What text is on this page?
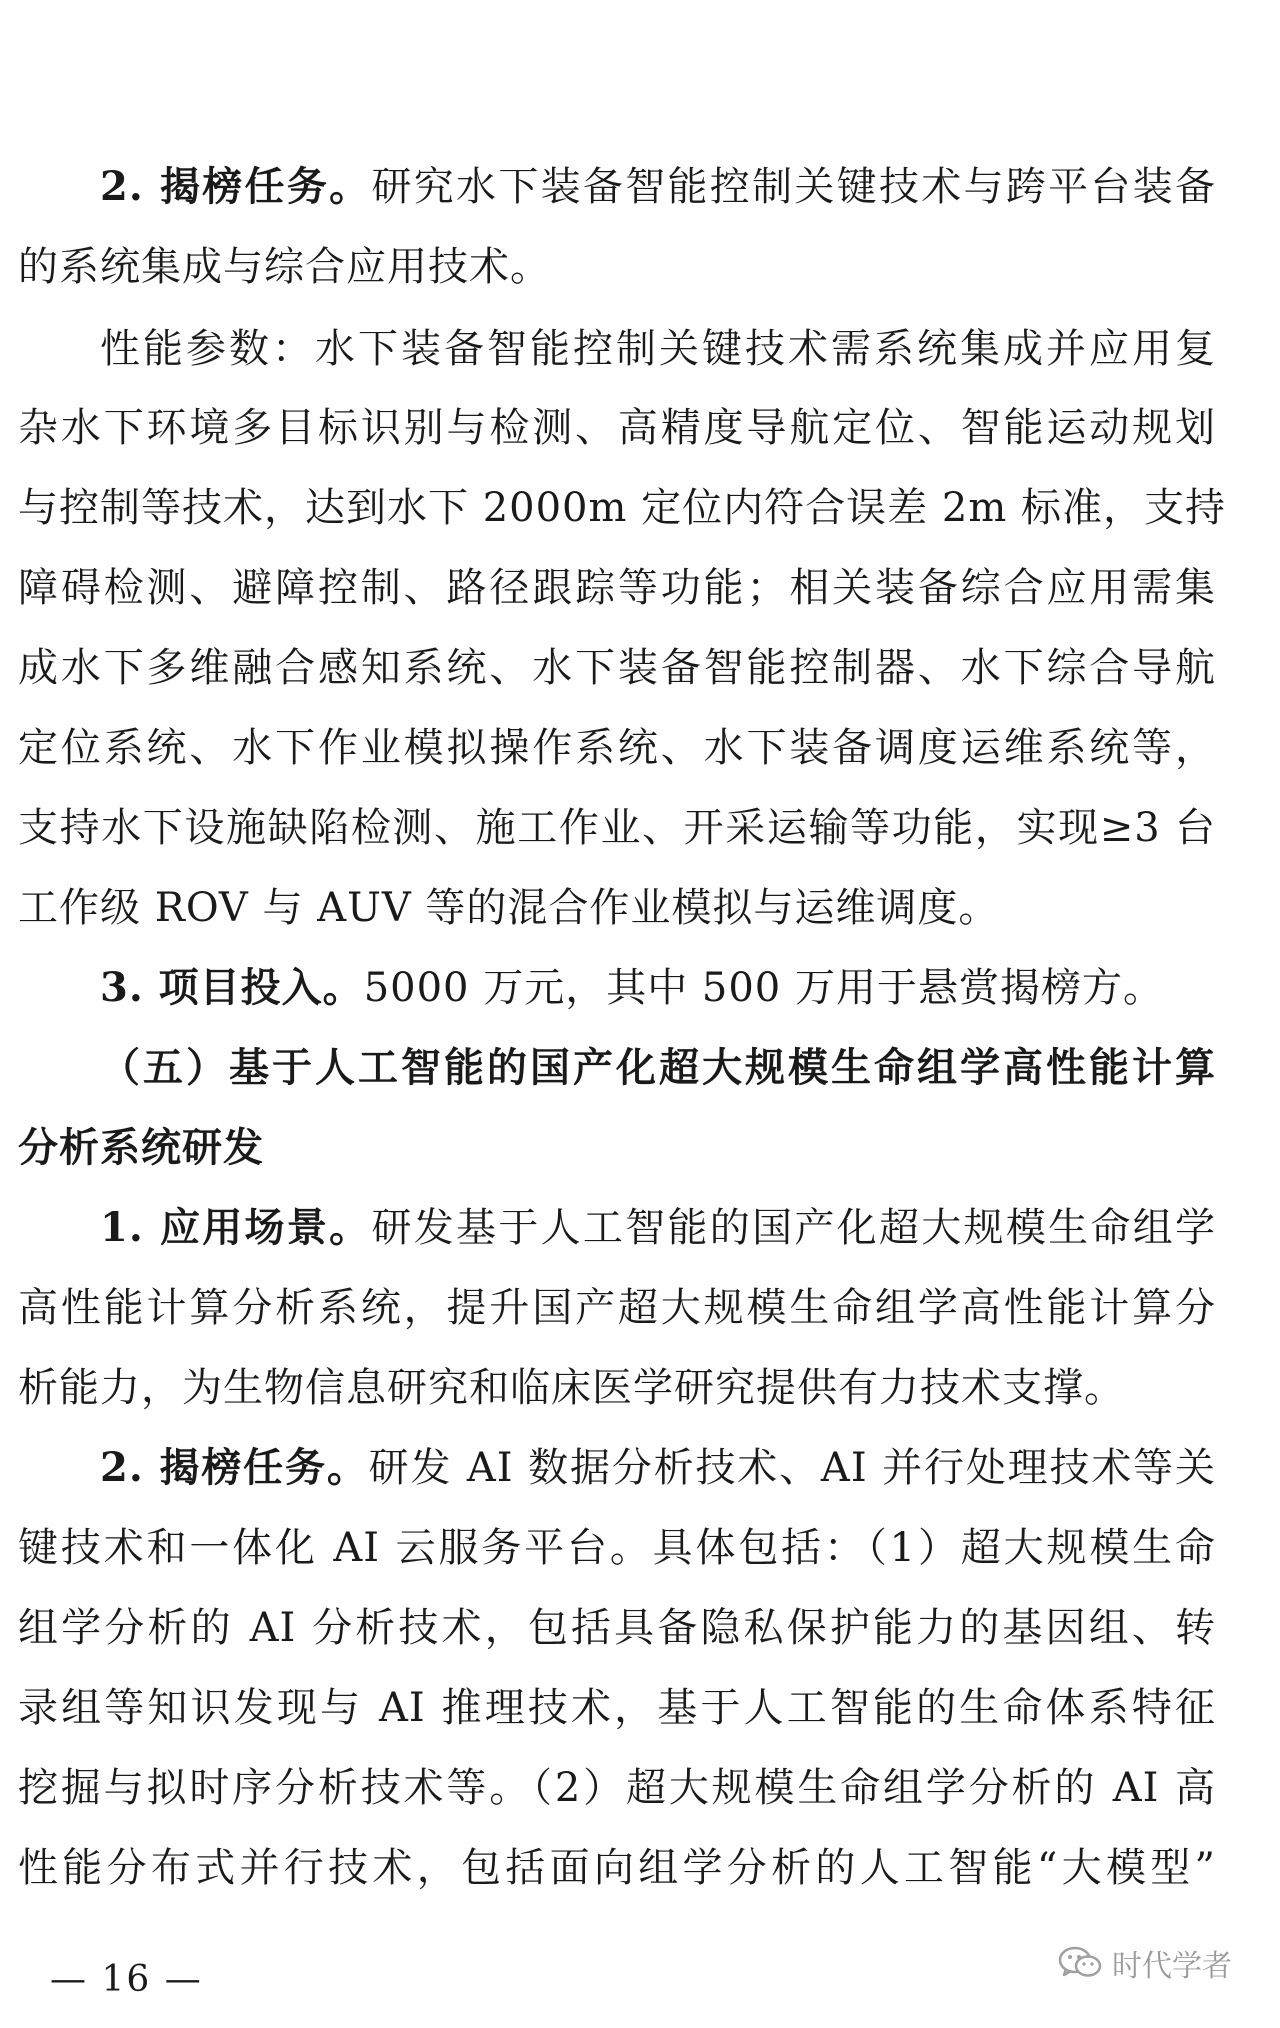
2. 揭榜任务。研究水下装备智能控制关键技术与跨平台装备
的系统集成与综合应用技术。
性能参数：水下装备智能控制关键技术需系统集成并应用复
杂水下环境多目标识别与检测、高精度导航定位、智能运动规划
与控制等技术，达到水下 2000m 定位内符合误差 2m 标准，支持
障碍检测、避障控制、路径跟踪等功能；相关装备综合应用需集
成水下多维融合感知系统、水下装备智能控制器、水下综合导航
定位系统、水下作业模拟操作系统、水下装备调度运维系统等，
支持水下设施缺陷检测、施工作业、开采运输等功能，实现≥3 台
工作级 ROV 与 AUV 等的混合作业模拟与运维调度。
3. 项目投入。5000 万元，其中 500 万用于悬赏揭榜方。
（五）基于人工智能的国产化超大规模生命组学高性能计算
分析系统研发
1. 应用场景。研发基于人工智能的国产化超大规模生命组学
高性能计算分析系统，提升国产超大规模生命组学高性能计算分
析能力，为生物信息研究和临床医学研究提供有力技术支撑。
2. 揭榜任务。研发 AI 数据分析技术、AI 并行处理技术等关
键技术和一体化 AI 云服务平台。具体包括：（1）超大规模生命
组学分析的 AI 分析技术，包括具备隐私保护能力的基因组、转
录组等知识发现与 AI 推理技术，基于人工智能的生命体系特征
挖掘与拟时序分析技术等。（2）超大规模生命组学分析的 AI 高
性能分布式并行技术，包括面向组学分析的人工智能“大模型”
— 16 —	时代学者
